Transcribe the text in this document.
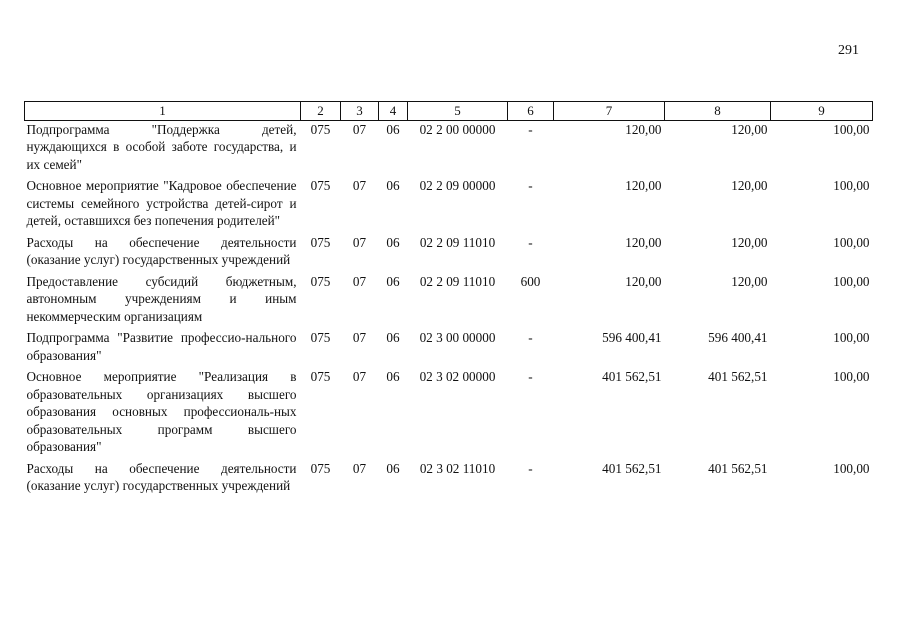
291
1	2	3	4	5	6	7	8	9
Подпрограмма "Поддержка детей, нуждающихся в особой заботе государства, и их семей"	075	07	06	02 2 00 00000	-	120,00	120,00	100,00
Основное мероприятие "Кадровое обеспечение системы семейного устройства детей-сирот и детей, оставшихся без попечения родителей"	075	07	06	02 2 09 00000	-	120,00	120,00	100,00
Расходы на обеспечение деятельности (оказание услуг) государственных учреждений	075	07	06	02 2 09 11010	-	120,00	120,00	100,00
Предоставление субсидий бюджетным, автономным учреждениям и иным некоммерческим организациям	075	07	06	02 2 09 11010	600	120,00	120,00	100,00
Подпрограмма "Развитие профессио-нального образования"	075	07	06	02 3 00 00000	-	596 400,41	596 400,41	100,00
Основное мероприятие "Реализация в образовательных организациях высшего образования основных профессиональ-ных образовательных программ высшего образования"	075	07	06	02 3 02 00000	-	401 562,51	401 562,51	100,00
Расходы на обеспечение деятельности (оказание услуг) государственных учреждений	075	07	06	02 3 02 11010	-	401 562,51	401 562,51	100,00
